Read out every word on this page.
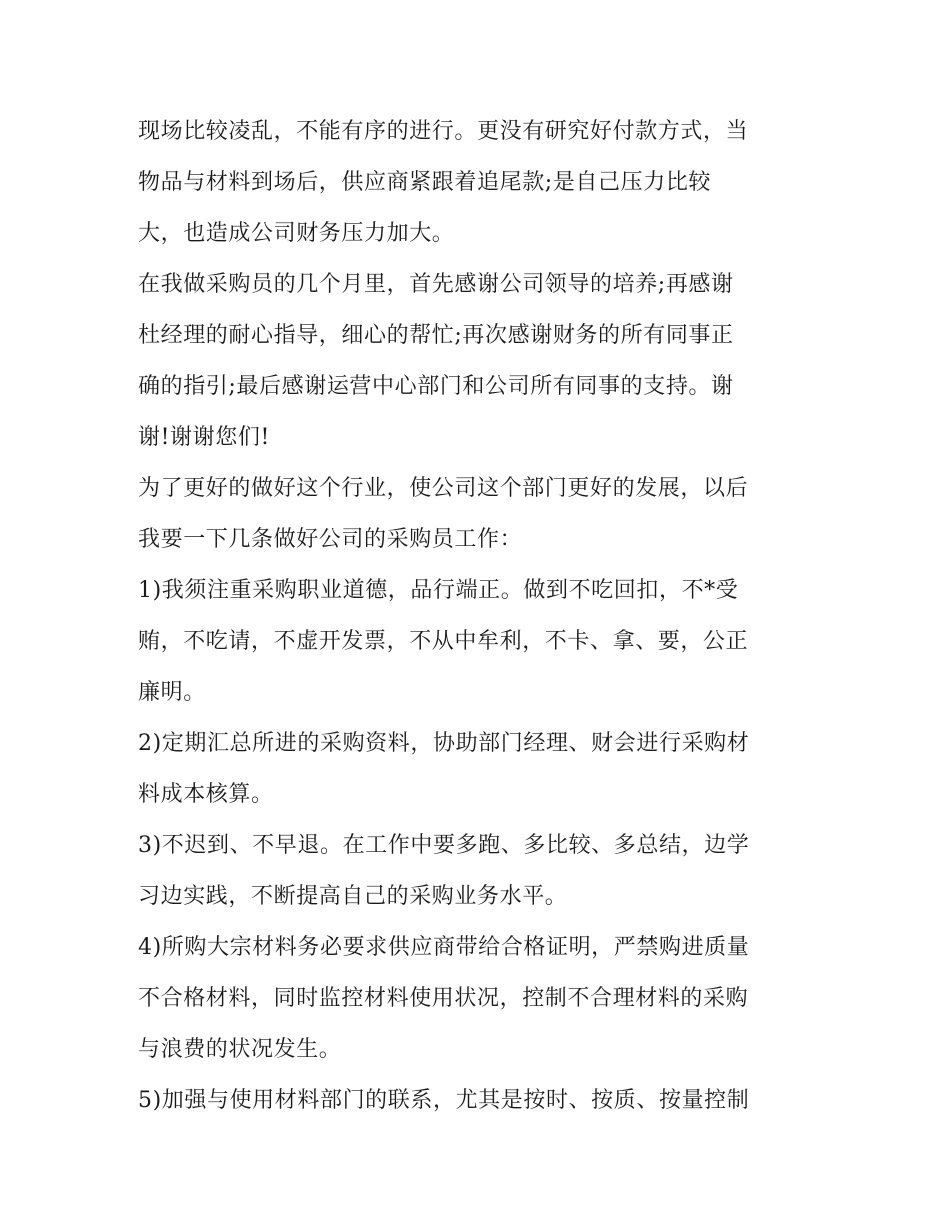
现场比较凌乱，不能有序的进行。更没有研究好付款方式，当
物品与材料到场后，供应商紧跟着追尾款;是自己压力比较
大，也造成公司财务压力加大。
在我做采购员的几个月里，首先感谢公司领导的培养;再感谢
杜经理的耐心指导，细心的帮忙;再次感谢财务的所有同事正
确的指引;最后感谢运营中心部门和公司所有同事的支持。谢
谢!谢谢您们!
为了更好的做好这个行业，使公司这个部门更好的发展，以后
我要一下几条做好公司的采购员工作：
1)我须注重采购职业道德，品行端正。做到不吃回扣，不*受
贿，不吃请，不虚开发票，不从中牟利，不卡、拿、要，公正
廉明。
2)定期汇总所进的采购资料，协助部门经理、财会进行采购材
料成本核算。
3)不迟到、不早退。在工作中要多跑、多比较、多总结，边学
习边实践，不断提高自己的采购业务水平。
4)所购大宗材料务必要求供应商带给合格证明，严禁购进质量
不合格材料，同时监控材料使用状况，控制不合理材料的采购
与浪费的状况发生。
5)加强与使用材料部门的联系，尤其是按时、按质、按量控制
